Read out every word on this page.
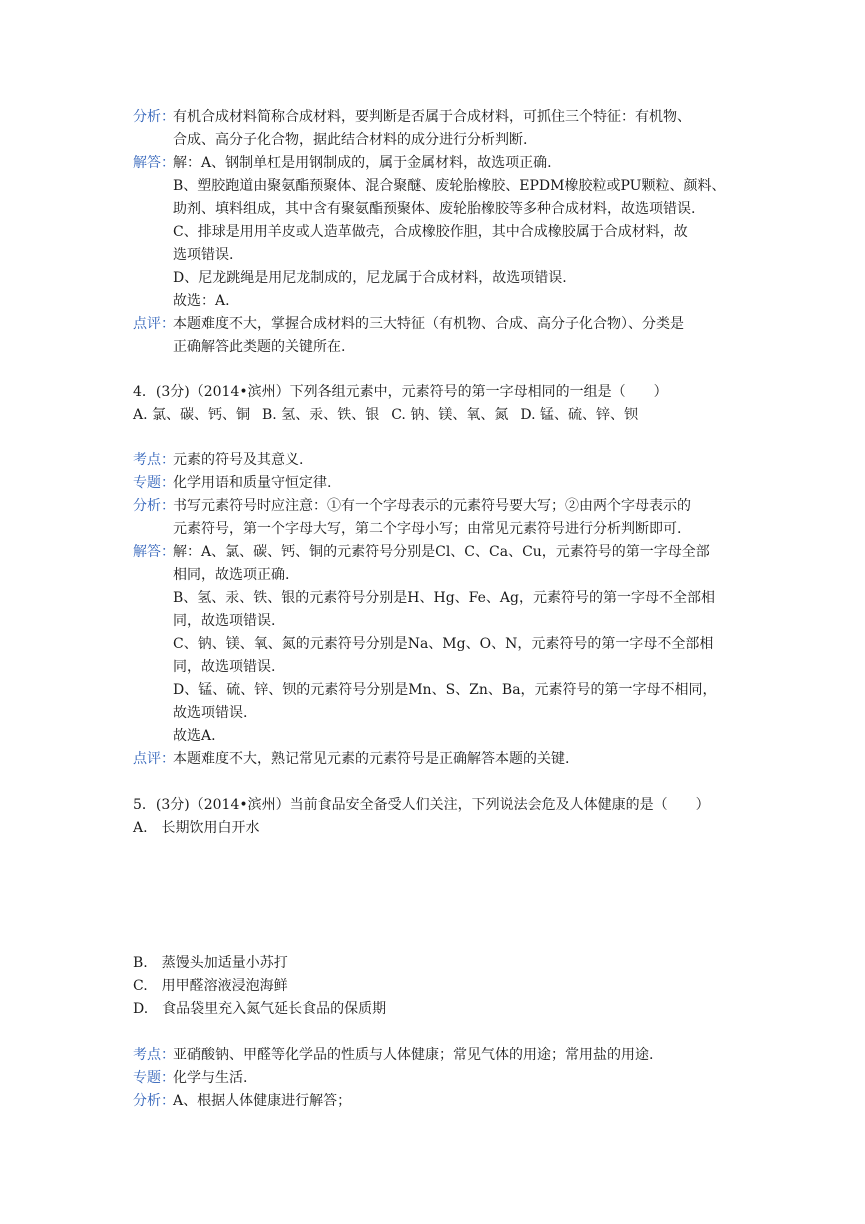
分析：
有机合成材料简称合成材料，要判断是否属于合成材料，可抓住三个特征：有机物、
合成、高分子化合物，据此结合材料的成分进行分析判断.
解答：
解：A、钢制单杠是用钢制成的，属于金属材料，故选项正确.
B、塑胶跑道由聚氨酯预聚体、混合聚醚、废轮胎橡胶、EPDM橡胶粒或PU颗粒、颜料、
助剂、填料组成，其中含有聚氨酯预聚体、废轮胎橡胶等多种合成材料，故选项错误.
C、排球是用用羊皮或人造革做壳，合成橡胶作胆，其中合成橡胶属于合成材料，故
选项错误.
D、尼龙跳绳是用尼龙制成的，尼龙属于合成材料，故选项错误.
故选：A.
点评：
本题难度不大，掌握合成材料的三大特征（有机物、合成、高分子化合物）、分类是
正确解答此类题的关键所在.
4．(3分)（2014•滨州）下列各组元素中，元素符号的第一字母相同的一组是（　　）
A. 氯、碳、钙、铜 B. 氢、汞、铁、银 C. 钠、镁、氧、氮 D. 锰、硫、锌、钡
考点：
元素的符号及其意义.
专题：
化学用语和质量守恒定律.
分析：
书写元素符号时应注意：①有一个字母表示的元素符号要大写；②由两个字母表示的
元素符号，第一个字母大写，第二个字母小写；由常见元素符号进行分析判断即可.
解答：
解：A、氯、碳、钙、铜的元素符号分别是Cl、C、Ca、Cu，元素符号的第一字母全部
相同，故选项正确.
B、氢、汞、铁、银的元素符号分别是H、Hg、Fe、Ag，元素符号的第一字母不全部相
同，故选项错误.
C、钠、镁、氧、氮的元素符号分别是Na、Mg、O、N，元素符号的第一字母不全部相
同，故选项错误.
D、锰、硫、锌、钡的元素符号分别是Mn、S、Zn、Ba，元素符号的第一字母不相同，
故选项错误.
故选A.
点评：
本题难度不大，熟记常见元素的元素符号是正确解答本题的关键.
5．(3分)（2014•滨州）当前食品安全备受人们关注，下列说法会危及人体健康的是（　　）
A.　长期饮用白开水
B.　蒸馒头加适量小苏打
C.　用甲醛溶液浸泡海鲜
D.　食品袋里充入氮气延长食品的保质期
考点：
亚硝酸钠、甲醛等化学品的性质与人体健康；常见气体的用途；常用盐的用途.
专题：
化学与生活.
分析：
A、根据人体健康进行解答；
